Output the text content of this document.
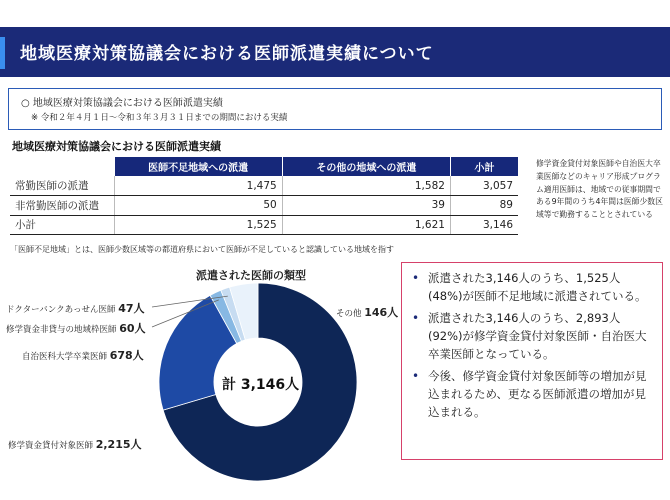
地域医療対策協議会における医師派遣実績について
○ 地域医療対策協議会における医師派遣実績
※ 令和２年４月１日～令和３年３月３１日までの期間における実績
地域医療対策協議会における医師派遣実績
	医師不足地域への派遣	その他の地域への派遣	小計
常勤医師の派遣	1,475	1,582	3,057
非常勤医師の派遣	50	39	89
小計	1,525	1,621	3,146
修学資金貸付対象医師や自治医大卒業医師などのキャリア形成プログラム適用医師は、地域での従事期間である9年間のうち4年間は医師少数区域等で勤務することとされている
「医師不足地域」とは、医師少数区域等の都道府県において医師が不足していると認識している地域を指す
派遣された医師の類型
ドクターバンクあっせん医師 47人
修学資金非貸与の地域枠医師 60人
自治医科大学卒業医師 678人
修学資金貸付対象医師 2,215人
その他 146人
計 3,146人
• 派遣された3,146人のうち、1,525人(48%)が医師不足地域に派遣されている。
• 派遣された3,146人のうち、2,893人(92%)が修学資金貸付対象医師・自治医大卒業医師となっている。
• 今後、修学資金貸付対象医師等の増加が見込まれるため、更なる医師派遣の増加が見込まれる。
